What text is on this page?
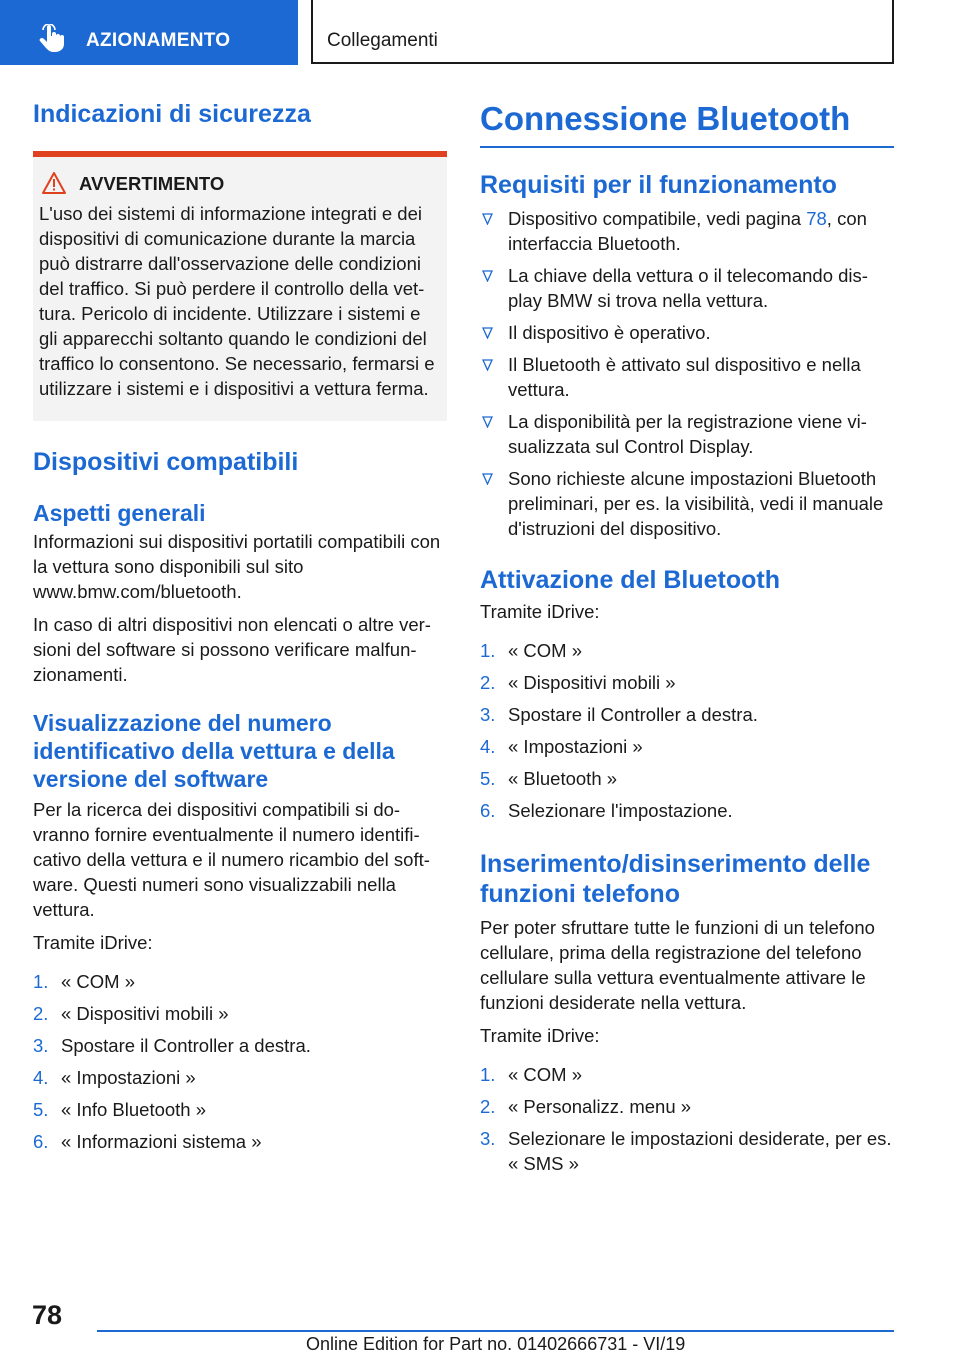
AZIONAMENTO	Collegamenti
Indicazioni di sicurezza
AVVERTIMENTO

L'uso dei sistemi di informazione integrati e dei dispositivi di comunicazione durante la marcia può distrarre dall'osservazione delle condizioni del traffico. Si può perdere il controllo della vet-tura. Pericolo di incidente. Utilizzare i sistemi e gli apparecchi soltanto quando le condizioni del traffico lo consentono. Se necessario, fermarsi e utilizzare i sistemi e i dispositivi a vettura ferma.

Dispositivi compatibili
Aspetti generali

Informazioni sui dispositivi portatili compatibili con la vettura sono disponibili sul sito www.bmw.com/bluetooth.

In caso di altri dispositivi non elencati o altre ver-sioni del software si possono verificare malfun-zionamenti.

Visualizzazione del numero identificativo della vettura e della versione del software

Per la ricerca dei dispositivi compatibili si do-vranno fornire eventualmente il numero identifi-cativo della vettura e il numero ricambio del soft-ware. Questi numeri sono visualizzabili nella vettura.

Tramite iDrive:

1. « COM »
2. « Dispositivi mobili »
3. Spostare il Controller a destra.
4. « Impostazioni »
5. « Info Bluetooth »
6. « Informazioni sistema »
Connessione Bluetooth
Requisiti per il funzionamento
Dispositivo compatibile, vedi pagina 78, con interfaccia Bluetooth.
La chiave della vettura o il telecomando dis-play BMW si trova nella vettura.
Il dispositivo è operativo.
Il Bluetooth è attivato sul dispositivo e nella vettura.
La disponibilità per la registrazione viene vi-sualizzata sul Control Display.
Sono richieste alcune impostazioni Bluetooth preliminari, per es. la visibilità, vedi il manuale d'istruzioni del dispositivo.
Attivazione del Bluetooth

Tramite iDrive:

1. « COM »
2. « Dispositivi mobili »
3. Spostare il Controller a destra.
4. « Impostazioni »
5. « Bluetooth »
6. Selezionare l'impostazione.
Inserimento/disinserimento delle funzioni telefono

Per poter sfruttare tutte le funzioni di un telefono cellulare, prima della registrazione del telefono cellulare sulla vettura eventualmente attivare le funzioni desiderate nella vettura.

Tramite iDrive:

1. « COM »
2. « Personalizz. menu »
3. Selezionare le impostazioni desiderate, per es. « SMS »
78
Online Edition for Part no. 01402666731 - VI/19
